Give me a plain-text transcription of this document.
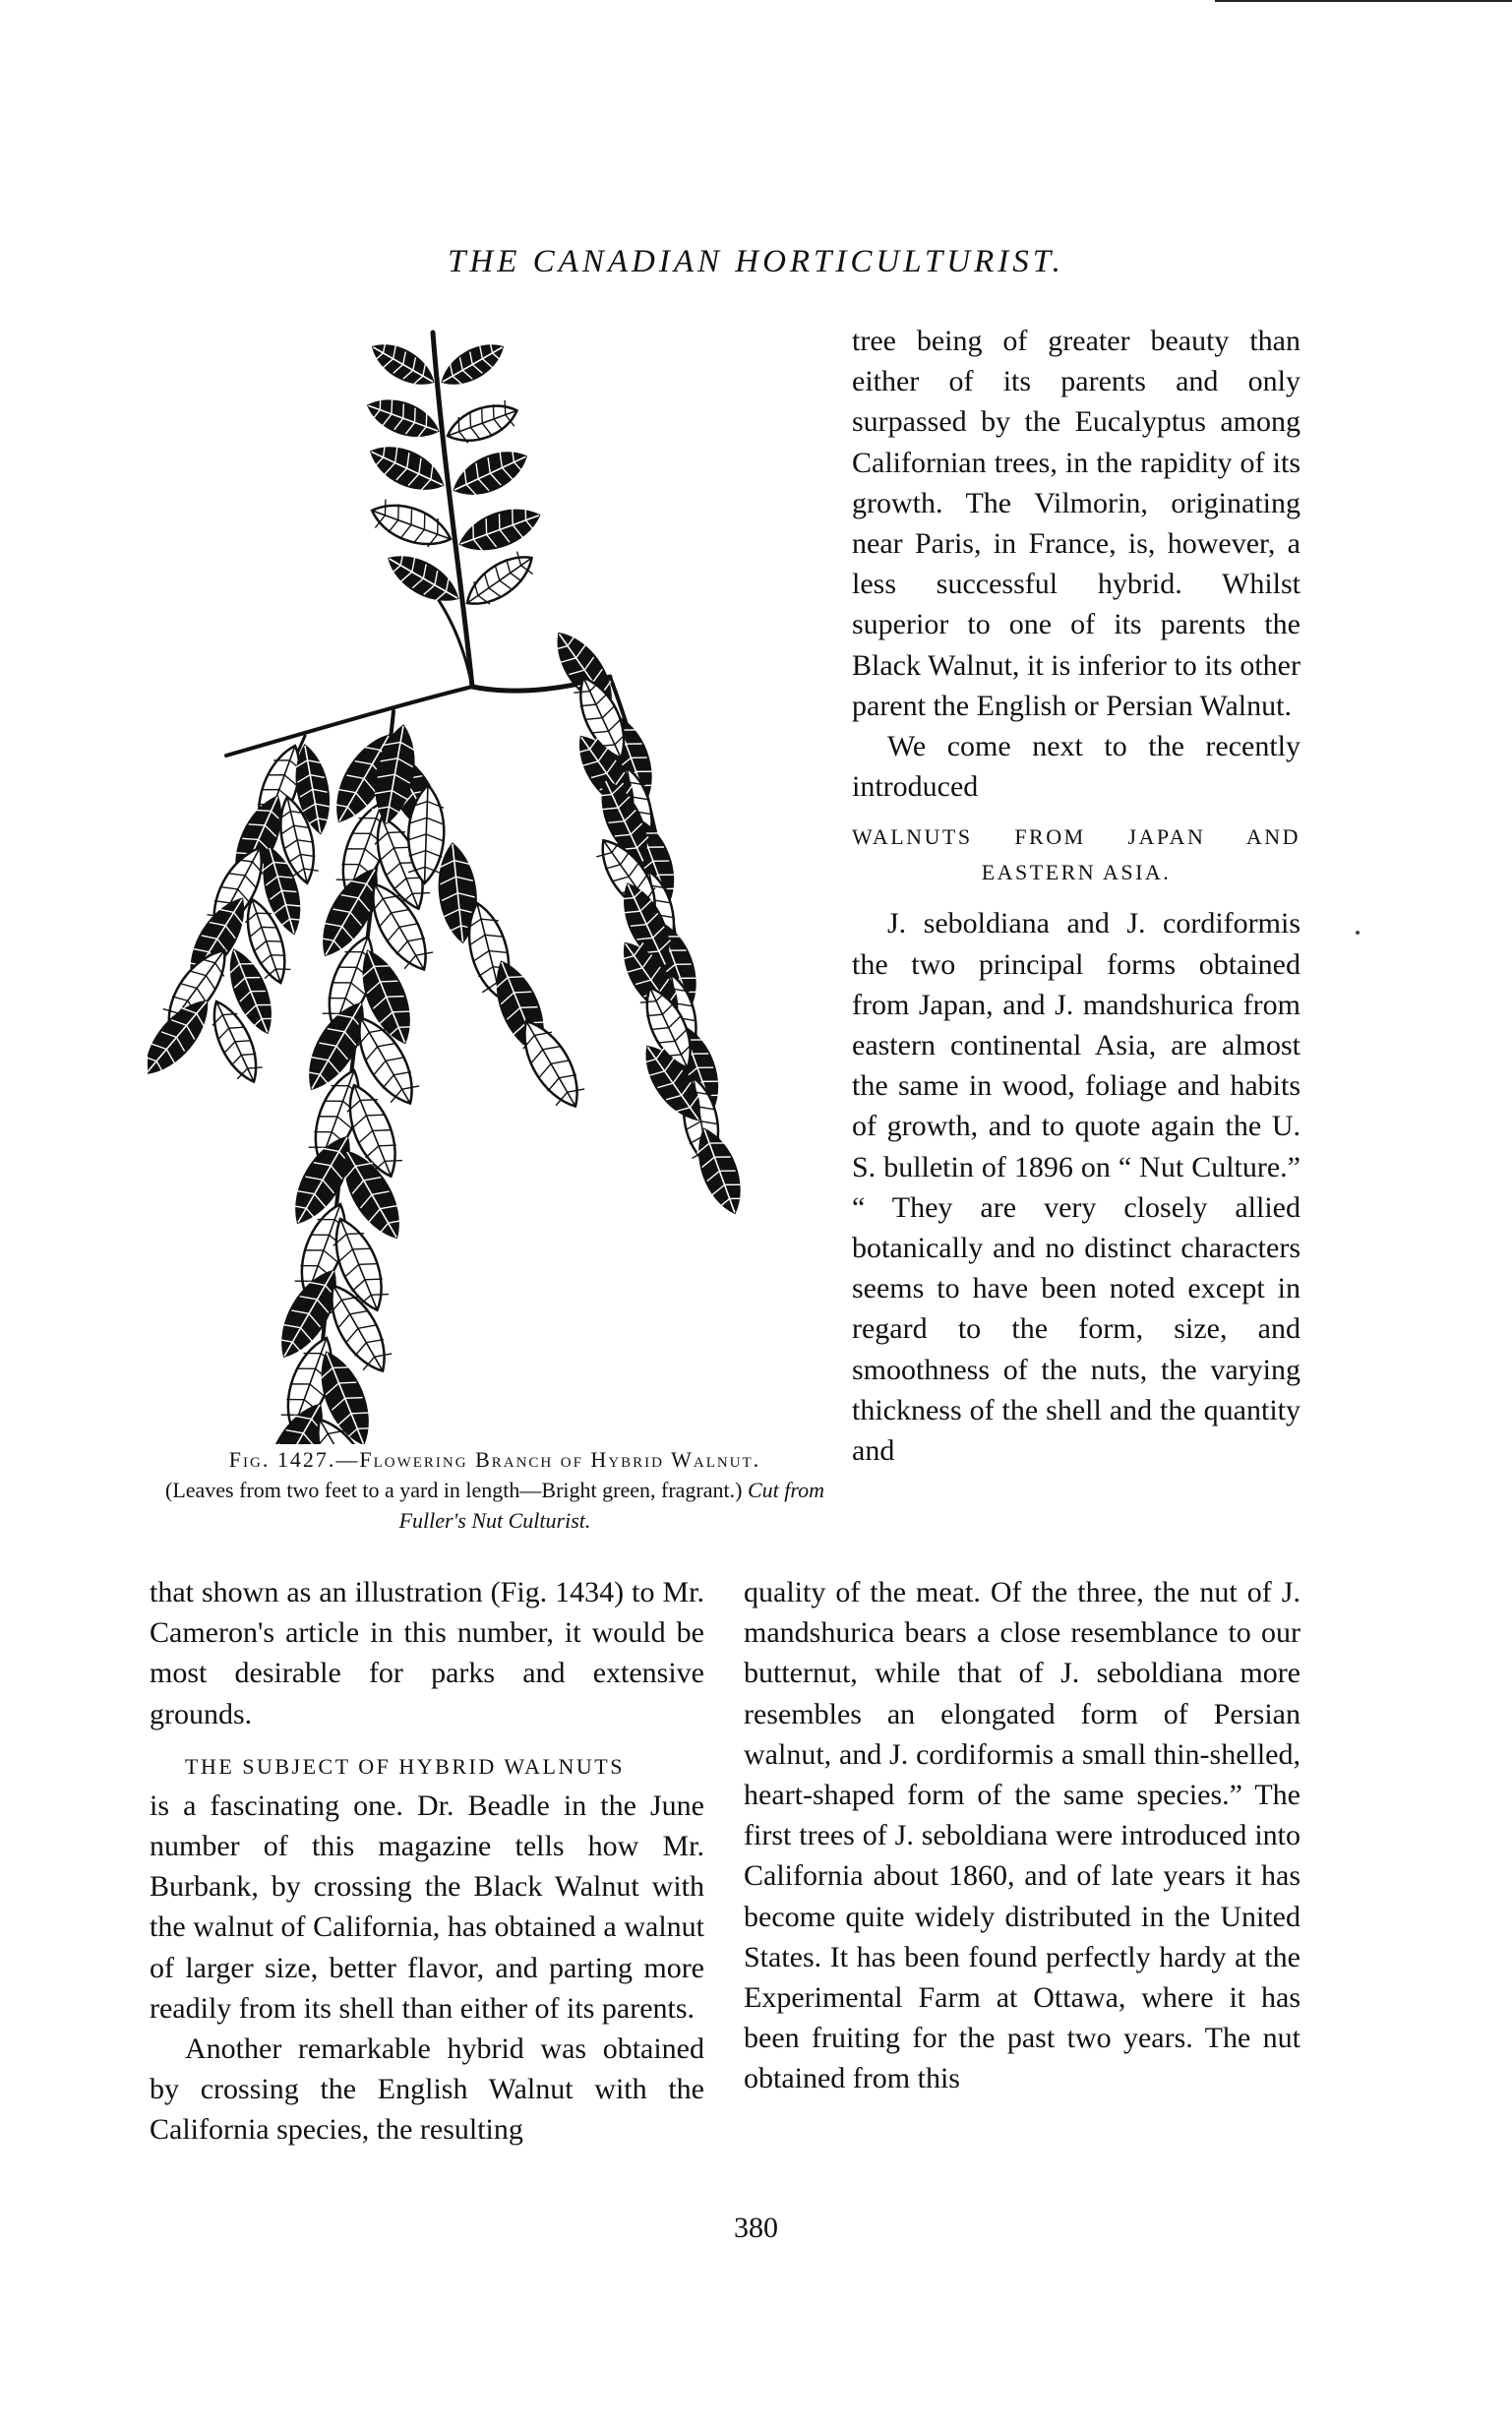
THE CANADIAN HORTICULTURIST.
Fig. 1427.—Flowering Branch of Hybrid Walnut.
(Leaves from two feet to a yard in length—Bright green, fragrant.) Cut from Fuller's Nut Culturist.

tree being of greater beauty than either of its parents and only surpassed by the Eucalyptus among Californian trees, in the rapidity of its growth. The Vilmorin, originating near Paris, in France, is, however, a less successful hybrid. Whilst superior to one of its parents the Black Walnut, it is inferior to its other parent the English or Persian Walnut.

We come next to the recently introduced

WALNUTS FROM JAPAN AND

EASTERN ASIA.

J. seboldiana and J. cordiformis the two principal forms obtained from Japan, and J. mandshurica from eastern continental Asia, are almost the same in wood, foliage and habits of growth, and to quote again the U. S. bulletin of 1896 on “ Nut Culture.” “ They are very closely allied botanically and no distinct characters seems to have been noted except in regard to the form, size, and smoothness of the nuts, the varying thickness of the shell and the quantity and

that shown as an illustration (Fig. 1434) to Mr. Cameron's article in this number, it would be most desirable for parks and extensive grounds.

THE SUBJECT OF HYBRID WALNUTS

is a fascinating one. Dr. Beadle in the June number of this magazine tells how Mr. Burbank, by crossing the Black Walnut with the walnut of California, has obtained a walnut of larger size, better flavor, and parting more readily from its shell than either of its parents.

Another remarkable hybrid was obtained by crossing the English Walnut with the California species, the resulting

quality of the meat. Of the three, the nut of J. mandshurica bears a close resemblance to our butternut, while that of J. seboldiana more resembles an elongated form of Persian walnut, and J. cordiformis a small thin-shelled, heart-shaped form of the same species.” The first trees of J. seboldiana were introduced into California about 1860, and of late years it has become quite widely distributed in the United States. It has been found perfectly hardy at the Experimental Farm at Ottawa, where it has been fruiting for the past two years. The nut obtained from this

380
